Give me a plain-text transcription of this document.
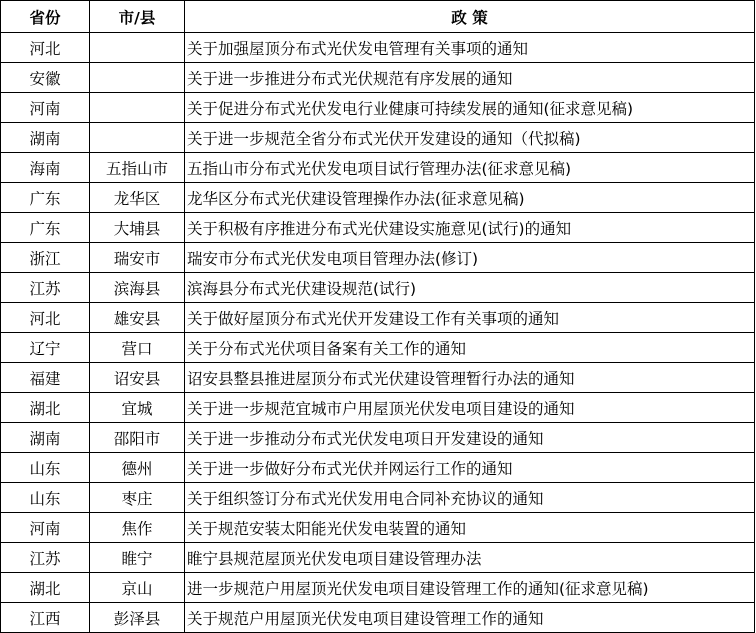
省份	市/县	政 策
河北		关于加强屋顶分布式光伏发电管理有关事项的通知
安徽		关于进一步推进分布式光伏规范有序发展的通知
河南		关于促进分布式光伏发电行业健康可持续发展的通知(征求意见稿)
湖南		关于进一步规范全省分布式光伏开发建设的通知（代拟稿)
海南	五指山市	五指山市分布式光伏发电项目试行管理办法(征求意见稿)
广东	龙华区	龙华区分布式光伏建设管理操作办法(征求意见稿)
广东	大埔县	关于积极有序推进分布式光伏建设实施意见(试行)的通知
浙江	瑞安市	瑞安市分布式光伏发电项目管理办法(修订)
江苏	滨海县	滨海县分布式光伏建设规范(试行)
河北	雄安县	关于做好屋顶分布式光伏开发建设工作有关事项的通知
辽宁	营口	关于分布式光伏项目备案有关工作的通知
福建	诏安县	诏安县整县推进屋顶分布式光伏建设管理暂行办法的通知
湖北	宜城	关于进一步规范宜城市户用屋顶光伏发电项目建设的通知
湖南	邵阳市	关于进一步推动分布式光伏发电项日开发建设的通知
山东	德州	关于进一步做好分布式光伏并网运行工作的通知
山东	枣庄	关于组织签订分布式光伏发用电合同补充协议的通知
河南	焦作	关于规范安装太阳能光伏发电装置的通知
江苏	睢宁	睢宁县规范屋顶光伏发电项目建设管理办法
湖北	京山	进一步规范户用屋顶光伏发电项目建设管理工作的通知(征求意见稿)
江西	彭泽县	关于规范户用屋顶光伏发电项目建设管理工作的通知
